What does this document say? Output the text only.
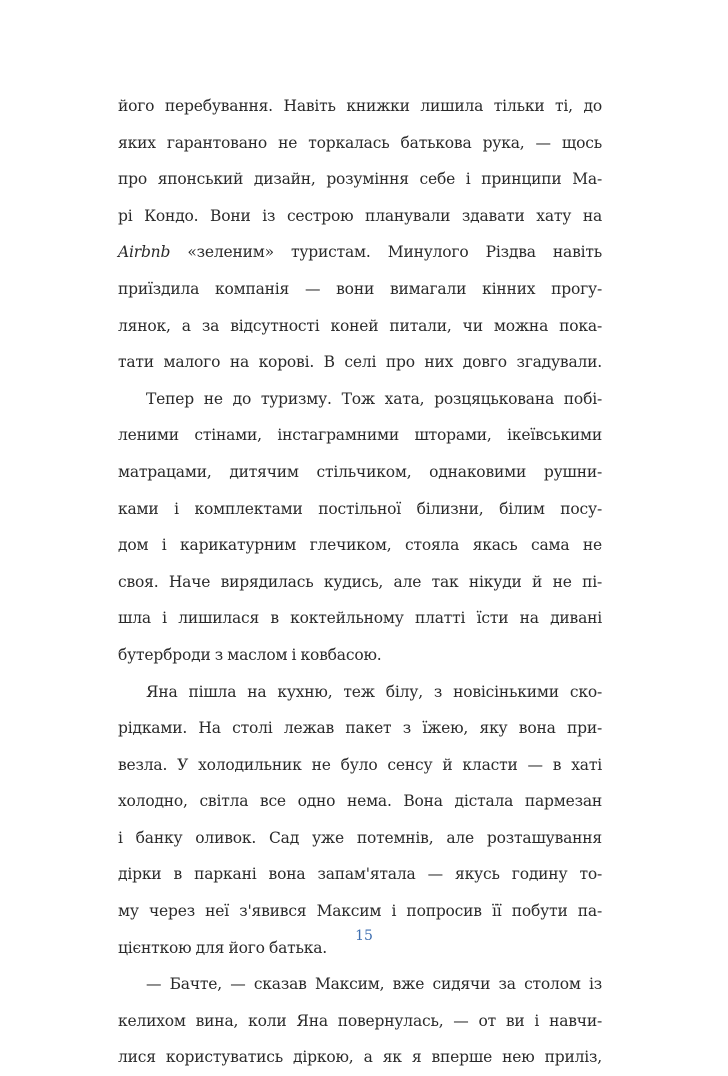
його перебування. Навіть книжки лишила тільки ті, до
яких гарантовано не торкалась батькова рука, — щось
про японський дизайн, розуміння себе і принципи Ма-
рі Кондо. Вони із сестрою планували здавати хату на
Airbnb «зеленим» туристам. Минулого Різдва навіть
приїздила компанія — вони вимагали кінних прогу-
лянок, а за відсутності коней питали, чи можна пока-
тати малого на корові. В селі про них довго згадували.
Тепер не до туризму. Тож хата, розцяцькована побі-
леними стінами, інстаграмними шторами, ікеївськими
матрацами, дитячим стільчиком, однаковими рушни-
ками і комплектами постільної білизни, білим посу-
дом і карикатурним глечиком, стояла якась сама не
своя. Наче вирядилась кудись, але так нікуди й не пі-
шла і лишилася в коктейльному платті їсти на дивані
бутерброди з маслом і ковбасою.
Яна пішла на кухню, теж білу, з новісінькими ско-
рідками. На столі лежав пакет з їжею, яку вона при-
везла. У холодильник не було сенсу й класти — в хаті
холодно, світла все одно нема. Вона дістала пармезан
і банку оливок. Сад уже потемнів, але розташування
дірки в паркані вона запам'ятала — якусь годину то-
му через неї з'явився Максим і попросив її побути па-
цієнткою для його батька.
— Бачте, — сказав Максим, вже сидячи за столом із
келихом вина, коли Яна повернулась, — от ви і навчи-
лися користуватись діркою, а як я вперше нею приліз,
15
